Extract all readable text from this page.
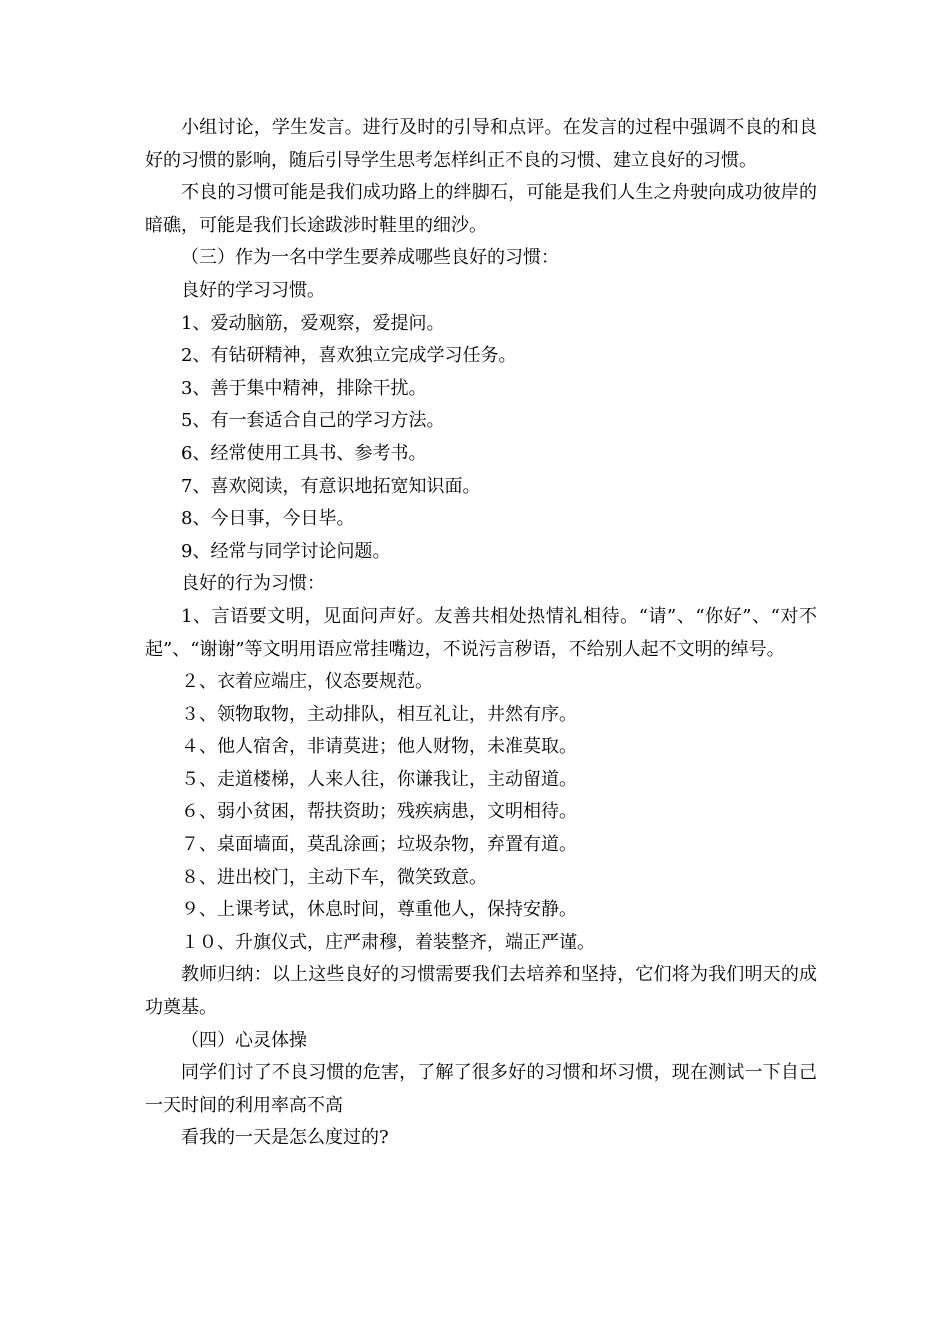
小组讨论，学生发言。进行及时的引导和点评。在发言的过程中强调不良的和良好的习惯的影响，随后引导学生思考怎样纠正不良的习惯、建立良好的习惯。

不良的习惯可能是我们成功路上的绊脚石，可能是我们人生之舟驶向成功彼岸的暗礁，可能是我们长途跋涉时鞋里的细沙。

（三）作为一名中学生要养成哪些良好的习惯：

良好的学习习惯。

1、爱动脑筋，爱观察，爱提问。

2、有钻研精神，喜欢独立完成学习任务。

3、善于集中精神，排除干扰。

5、有一套适合自己的学习方法。

6、经常使用工具书、参考书。

7、喜欢阅读，有意识地拓宽知识面。

8、今日事，今日毕。

9、经常与同学讨论问题。

良好的行为习惯：

1、言语要文明，见面问声好。友善共相处热情礼相待。“请”、“你好”、“对不起”、“谢谢”等文明用语应常挂嘴边，不说污言秽语，不给别人起不文明的绰号。

２、衣着应端庄，仪态要规范。

３、领物取物，主动排队，相互礼让，井然有序。

４、他人宿舍，非请莫进；他人财物，未准莫取。

５、走道楼梯，人来人往，你谦我让，主动留道。

６、弱小贫困，帮扶资助；残疾病患，文明相待。

７、桌面墙面，莫乱涂画；垃圾杂物，弃置有道。

８、进出校门，主动下车，微笑致意。

９、上课考试，休息时间，尊重他人，保持安静。

１０、升旗仪式，庄严肃穆，着装整齐，端正严谨。

教师归纳：以上这些良好的习惯需要我们去培养和坚持，它们将为我们明天的成功奠基。

（四）心灵体操

同学们讨了不良习惯的危害，了解了很多好的习惯和坏习惯，现在测试一下自己一天时间的利用率高不高

看我的一天是怎么度过的?
